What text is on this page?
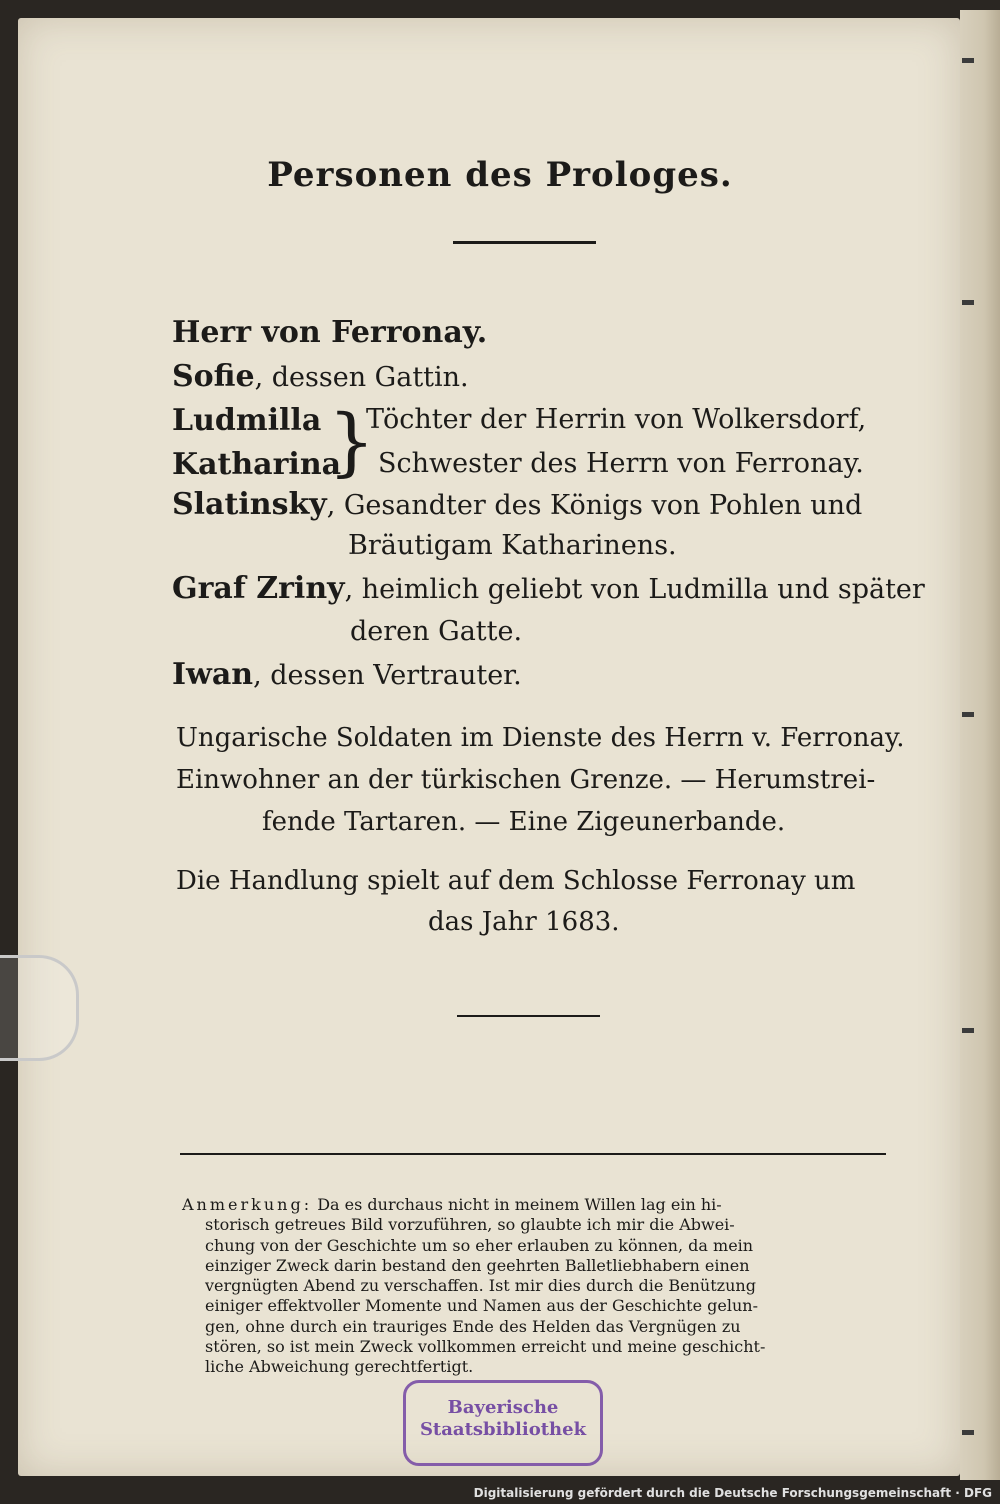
Personen des Prologes.
Herr von Ferronay.
Sofie, dessen Gattin.
Ludmilla Töchter der Herrin von Wolkersdorf,
}
Katharina Schwester des Herrn von Ferronay.
Slatinsky, Gesandter des Königs von Pohlen und
Bräutigam Katharinens.
Graf Zriny, heimlich geliebt von Ludmilla und später
deren Gatte.
Iwan, dessen Vertrauter.
Ungarische Soldaten im Dienste des Herrn v. Ferronay.
Einwohner an der türkischen Grenze. — Herumstrei-
fende Tartaren. — Eine Zigeunerbande.
Die Handlung spielt auf dem Schlosse Ferronay um
das Jahr 1683.
Anmerkung: Da es durchaus nicht in meinem Willen lag ein hi-
storisch getreues Bild vorzuführen, so glaubte ich mir die Abwei-
chung von der Geschichte um so eher erlauben zu können, da mein
einziger Zweck darin bestand den geehrten Balletliebhabern einen
vergnügten Abend zu verschaffen. Ist mir dies durch die Benützung
einiger effektvoller Momente und Namen aus der Geschichte gelun-
gen, ohne durch ein trauriges Ende des Helden das Vergnügen zu
stören, so ist mein Zweck vollkommen erreicht und meine geschicht-
liche Abweichung gerechtfertigt.
Bayerische
Staatsbibliothek
Digitalisierung gefördert durch die Deutsche Forschungsgemeinschaft · DFG
